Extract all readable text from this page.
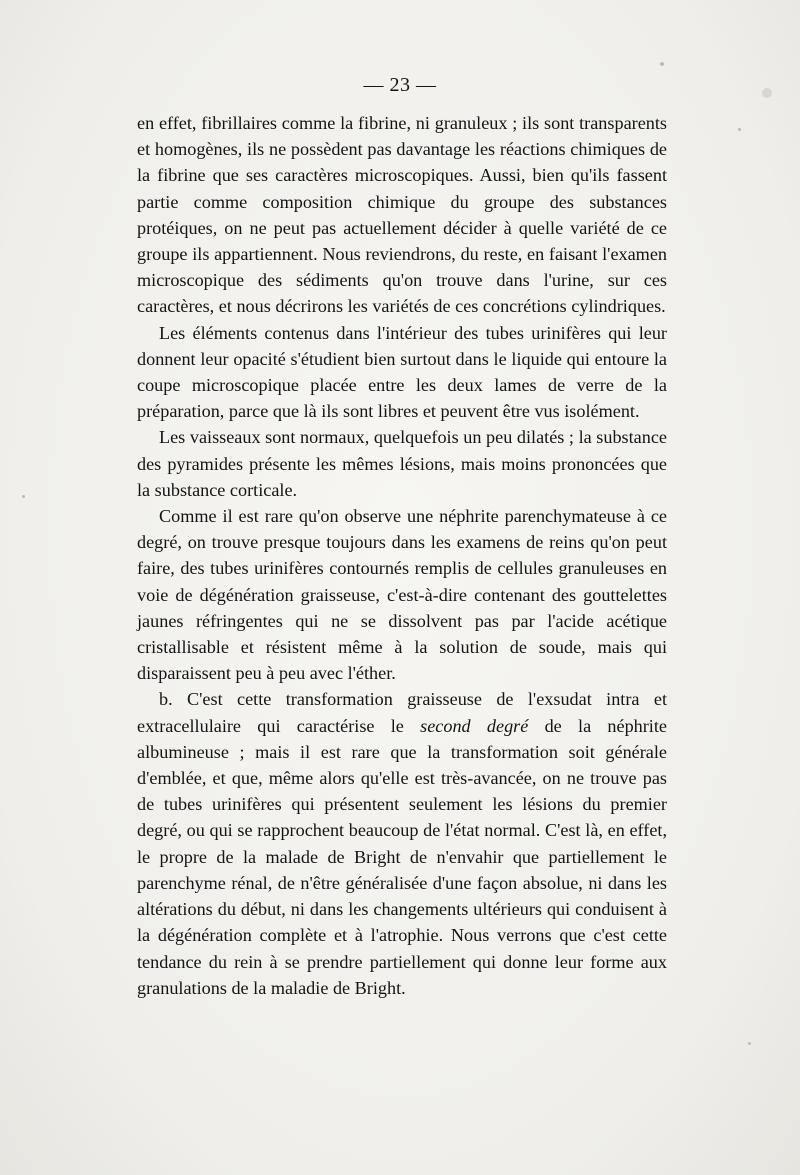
— 23 —

en effet, fibrillaires comme la fibrine, ni granuleux ; ils sont transparents et homogènes, ils ne possèdent pas davantage les réactions chimiques de la fibrine que ses caractères microscopiques. Aussi, bien qu'ils fassent partie comme composition chimique du groupe des substances protéiques, on ne peut pas actuellement décider à quelle variété de ce groupe ils appartiennent. Nous reviendrons, du reste, en faisant l'examen microscopique des sédiments qu'on trouve dans l'urine, sur ces caractères, et nous décrirons les variétés de ces concrétions cylindriques.

Les éléments contenus dans l'intérieur des tubes urinifères qui leur donnent leur opacité s'étudient bien surtout dans le liquide qui entoure la coupe microscopique placée entre les deux lames de verre de la préparation, parce que là ils sont libres et peuvent être vus isolément.

Les vaisseaux sont normaux, quelquefois un peu dilatés ; la substance des pyramides présente les mêmes lésions, mais moins prononcées que la substance corticale.

Comme il est rare qu'on observe une néphrite parenchymateuse à ce degré, on trouve presque toujours dans les examens de reins qu'on peut faire, des tubes urinifères contournés remplis de cellules granuleuses en voie de dégénération graisseuse, c'est-à-dire contenant des gouttelettes jaunes réfringentes qui ne se dissolvent pas par l'acide acétique cristallisable et résistent même à la solution de soude, mais qui disparaissent peu à peu avec l'éther.

b. C'est cette transformation graisseuse de l'exsudat intra et extracellulaire qui caractérise le second degré de la néphrite albumineuse ; mais il est rare que la transformation soit générale d'emblée, et que, même alors qu'elle est très-avancée, on ne trouve pas de tubes urinifères qui présentent seulement les lésions du premier degré, ou qui se rapprochent beaucoup de l'état normal. C'est là, en effet, le propre de la malade de Bright de n'envahir que partiellement le parenchyme rénal, de n'être généralisée d'une façon absolue, ni dans les altérations du début, ni dans les changements ultérieurs qui conduisent à la dégénération complète et à l'atrophie. Nous verrons que c'est cette tendance du rein à se prendre partiellement qui donne leur forme aux granulations de la maladie de Bright.
